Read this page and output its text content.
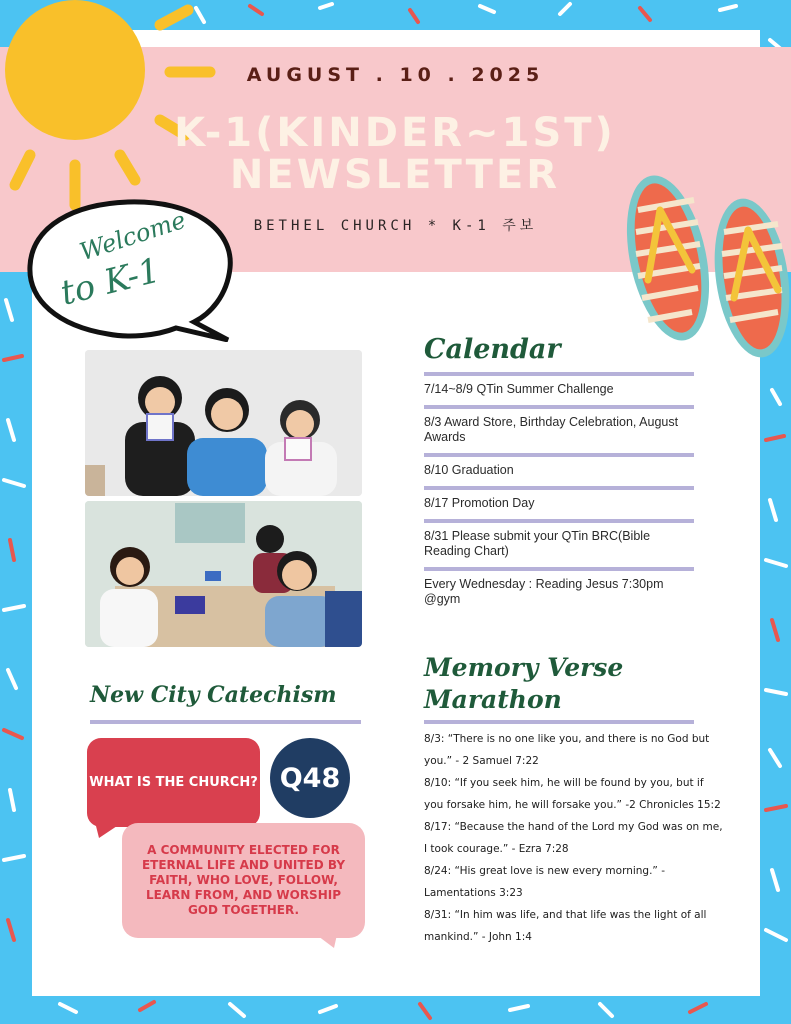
AUGUST . 10 . 2025
K-1(KINDER~1ST) NEWSLETTER
BETHEL CHURCH * K-1 주보
Welcome
to K-1
Calendar
7/14~8/9 QTin Summer Challenge
8/3 Award Store, Birthday Celebration, August Awards
8/10 Graduation
8/17 Promotion Day
8/31 Please submit your QTin BRC(Bible Reading Chart)
Every Wednesday : Reading Jesus 7:30pm @gym
Memory Verse
Marathon
8/3: “There is no one like you, and there is no God but you.” - 2 Samuel 7:22
8/10: “If you seek him, he will be found by you, but if you forsake him, he will forsake you.” -2 Chronicles 15:2
8/17: “Because the hand of the Lord my God was on me, I took courage.” - Ezra 7:28
8/24: “His great love is new every morning.” - Lamentations 3:23
8/31: “In him was life, and that life was the light of all mankind.” - John 1:4
New City Catechism
WHAT IS THE CHURCH? Q48
A COMMUNITY ELECTED FOR ETERNAL LIFE AND UNITED BY FAITH, WHO LOVE, FOLLOW, LEARN FROM, AND WORSHIP GOD TOGETHER.
